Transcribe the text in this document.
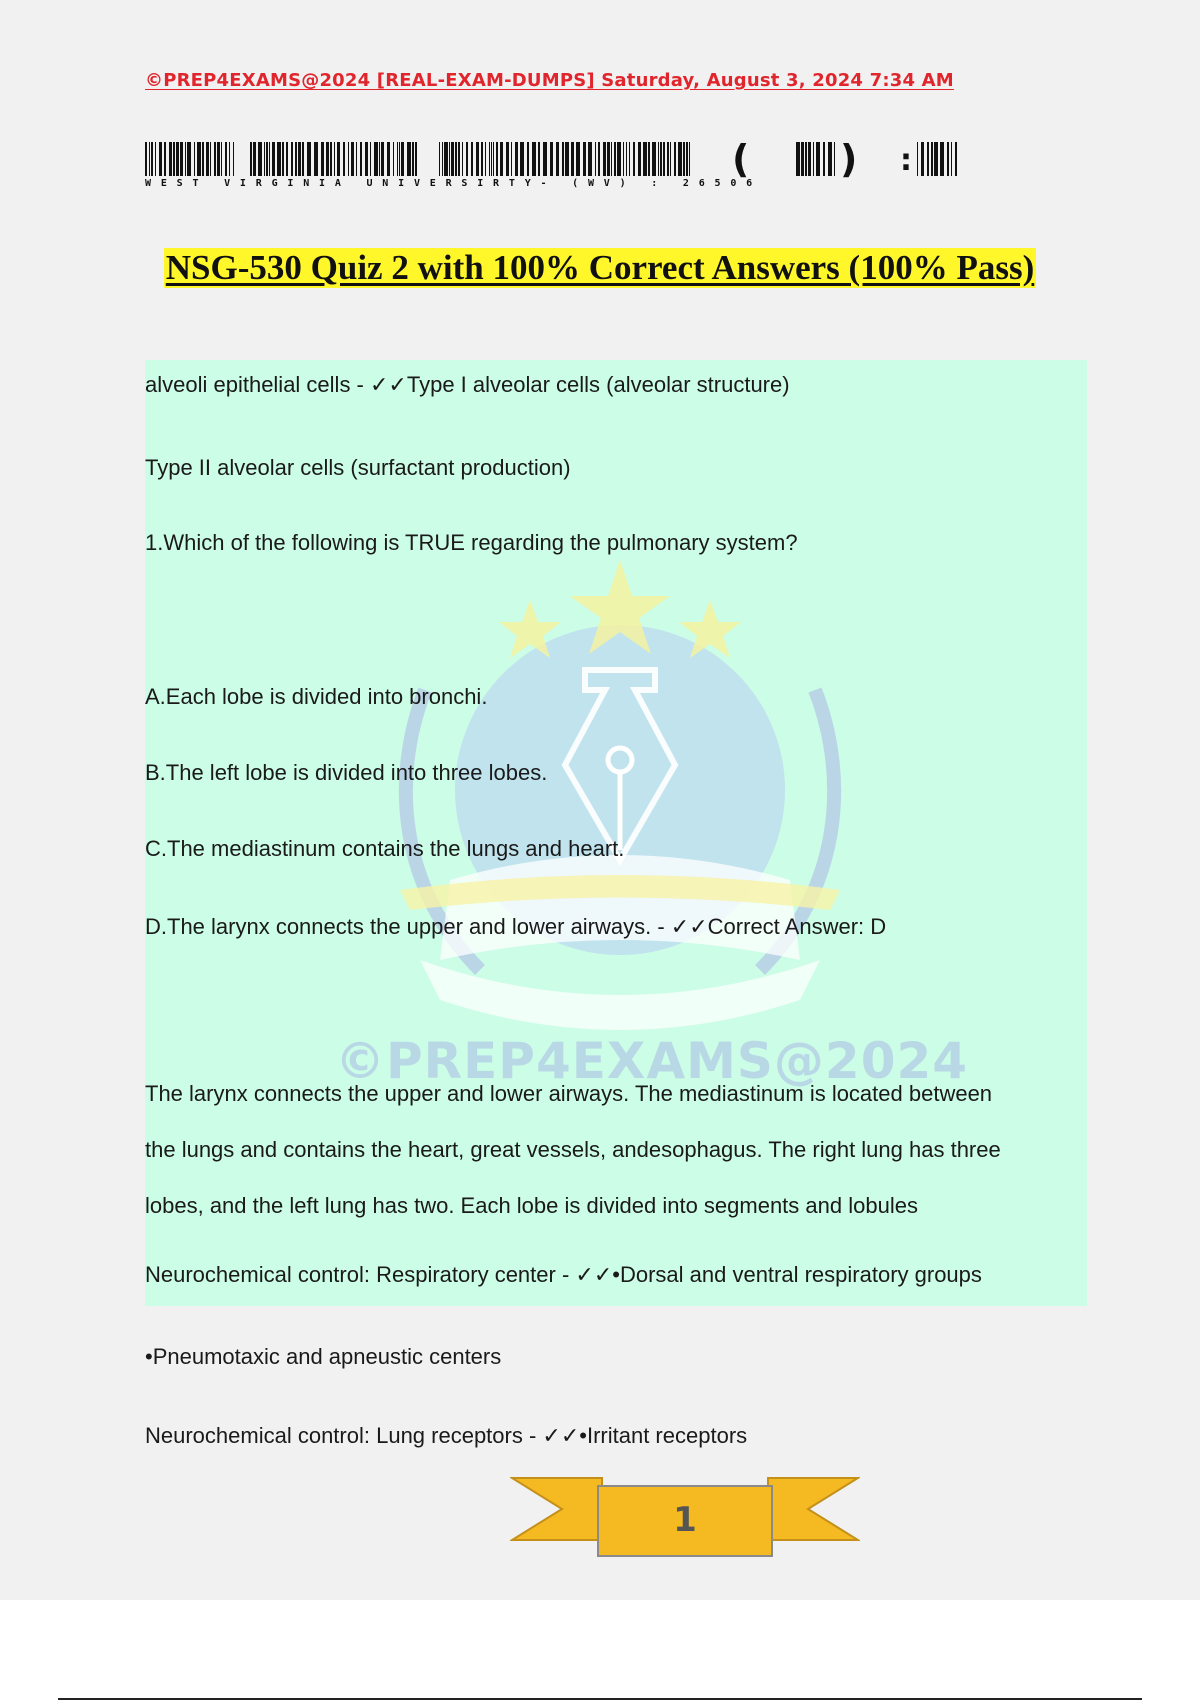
©PREP4EXAMS@2024 [REAL-EXAM-DUMPS] Saturday, August 3, 2024 7:34 AM
( ) :
WEST VIRGINIA UNIVERSIRTY- (WV) : 26506
NSG-530 Quiz 2 with 100% Correct Answers (100% Pass)
©PREP4EXAMS@2024
alveoli epithelial cells - ✓✓Type I alveolar cells (alveolar structure)
Type II alveolar cells (surfactant production)
1.Which of the following is TRUE regarding the pulmonary system?
A.Each lobe is divided into bronchi.
B.The left lobe is divided into three lobes.
C.The mediastinum contains the lungs and heart.
D.The larynx connects the upper and lower airways. - ✓✓Correct Answer: D
The larynx connects the upper and lower airways. The mediastinum is located between
the lungs and contains the heart, great vessels, andesophagus. The right lung has three
lobes, and the left lung has two. Each lobe is divided into segments and lobules
Neurochemical control: Respiratory center - ✓✓•Dorsal and ventral respiratory groups
•Pneumotaxic and apneustic centers
Neurochemical control: Lung receptors - ✓✓•Irritant receptors
1
